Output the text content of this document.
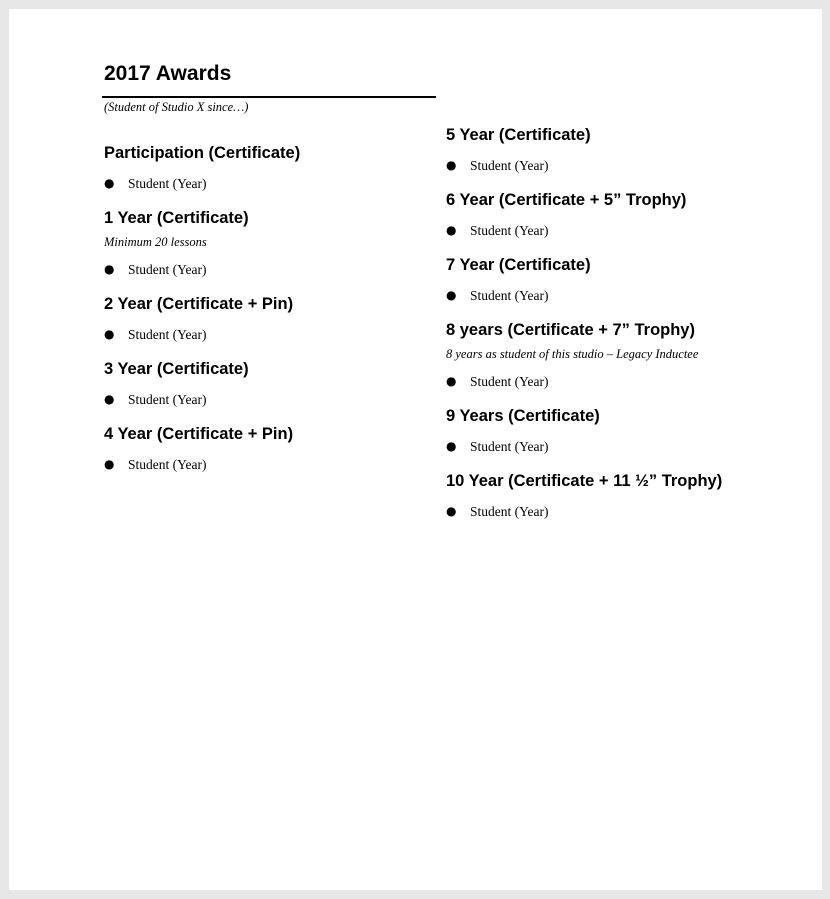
2017 Awards
(Student of Studio X since…)
Participation (Certificate)
● Student (Year)
1 Year (Certificate)

Minimum 20 lessons

● Student (Year)
2 Year (Certificate + Pin)
● Student (Year)
3 Year (Certificate)
● Student (Year)
4 Year (Certificate + Pin)
● Student (Year)
5 Year (Certificate)
● Student (Year)
6 Year (Certificate + 5” Trophy)
● Student (Year)
7 Year (Certificate)
● Student (Year)
8 years (Certificate + 7” Trophy)

8 years as student of this studio – Legacy Inductee

● Student (Year)
9 Years (Certificate)
● Student (Year)
10 Year (Certificate + 11 ½” Trophy)
● Student (Year)
